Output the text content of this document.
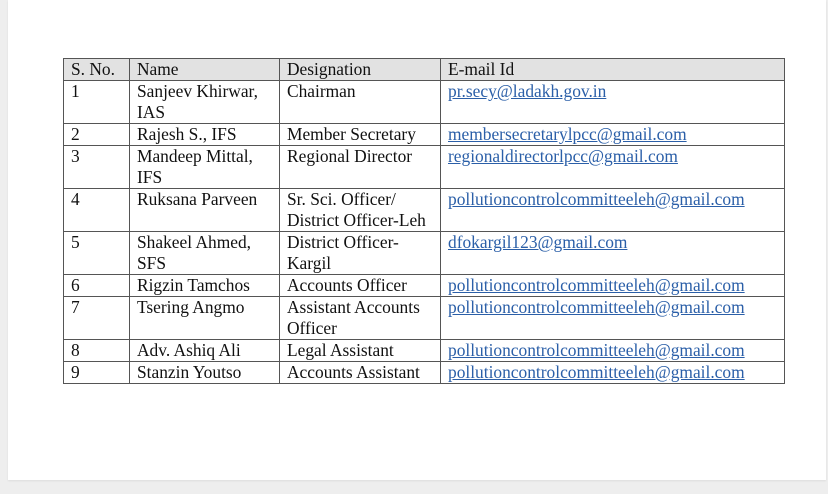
S. No.	Name	Designation	E-mail Id
1	Sanjeev Khirwar, IAS	Chairman	pr.secy@ladakh.gov.in
2	Rajesh S., IFS	Member Secretary	membersecretarylpcc@gmail.com
3	Mandeep Mittal, IFS	Regional Director	regionaldirectorlpcc@gmail.com
4	Ruksana Parveen	Sr. Sci. Officer/ District Officer-Leh	pollutioncontrolcommitteeleh@gmail.com
5	Shakeel Ahmed, SFS	District Officer-Kargil	dfokargil123@gmail.com
6	Rigzin Tamchos	Accounts Officer	pollutioncontrolcommitteeleh@gmail.com
7	Tsering Angmo	Assistant Accounts Officer	pollutioncontrolcommitteeleh@gmail.com
8	Adv. Ashiq Ali	Legal Assistant	pollutioncontrolcommitteeleh@gmail.com
9	Stanzin Youtso	Accounts Assistant	pollutioncontrolcommitteeleh@gmail.com
